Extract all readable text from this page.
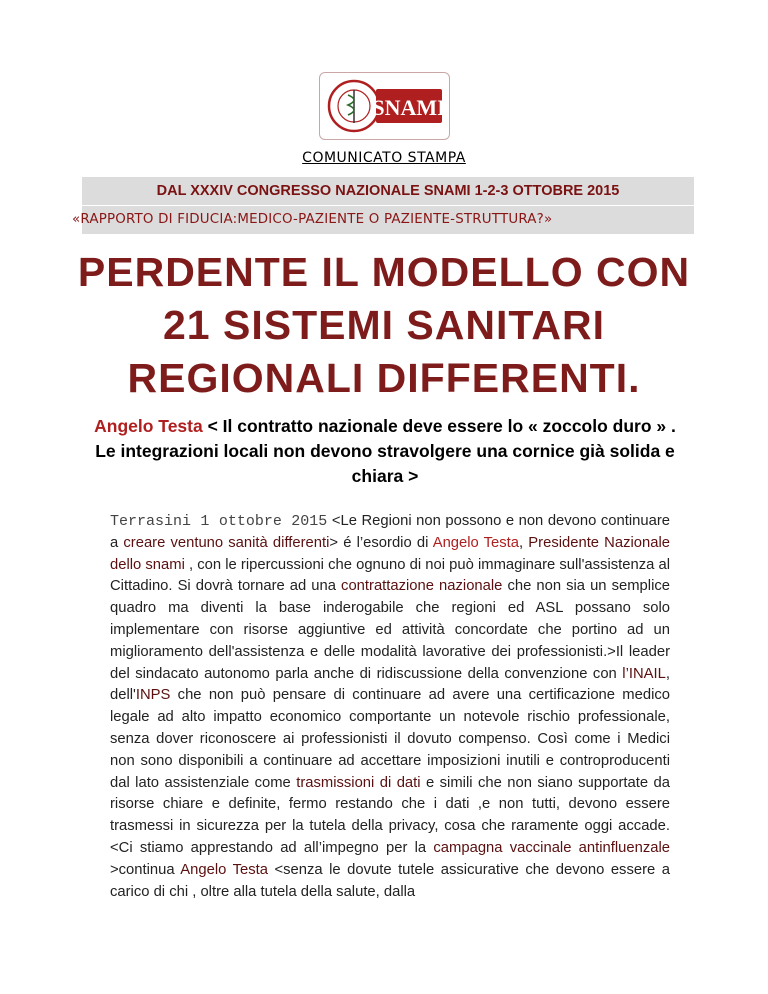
SNAMI
COMUNICATO STAMPA
DAL XXXIV CONGRESSO NAZIONALE SNAMI 1-2-3 OTTOBRE 2015
«RAPPORTO DI FIDUCIA:MEDICO-PAZIENTE O PAZIENTE-STRUTTURA?»
PERDENTE IL MODELLO CON
21 SISTEMI SANITARI
REGIONALI DIFFERENTI.
Angelo Testa < Il contratto nazionale deve essere lo « zoccolo duro » . Le integrazioni locali non devono stravolgere una cornice già solida e chiara >
Terrasini 1 ottobre 2015 <Le Regioni non possono e non devono continuare a creare ventuno sanità differenti> é l’esordio di Angelo Testa, Presidente Nazionale dello snami , con le ripercussioni che ognuno di noi può immaginare sull'assistenza al Cittadino. Si dovrà tornare ad una contrattazione nazionale che non sia un semplice quadro ma diventi la base inderogabile che regioni ed ASL possano solo implementare con risorse aggiuntive ed attività concordate che portino ad un miglioramento dell'assistenza e delle modalità lavorative dei professionisti.>Il leader del sindacato autonomo parla anche di ridiscussione della convenzione con l’INAIL, dell'INPS che non può pensare di continuare ad avere una certificazione medico legale ad alto impatto economico comportante un notevole rischio professionale, senza dover riconoscere ai professionisti il dovuto compenso. Così come i Medici non sono disponibili a continuare ad accettare imposizioni inutili e controproducenti dal lato assistenziale come trasmissioni di dati e simili che non siano supportate da risorse chiare e definite, fermo restando che i dati ,e non tutti, devono essere trasmessi in sicurezza per la tutela della privacy, cosa che raramente oggi accade. <Ci stiamo apprestando ad all’impegno per la campagna vaccinale antinfluenzale >continua Angelo Testa <senza le dovute tutele assicurative che devono essere a carico di chi , oltre alla tutela della salute, dalla
